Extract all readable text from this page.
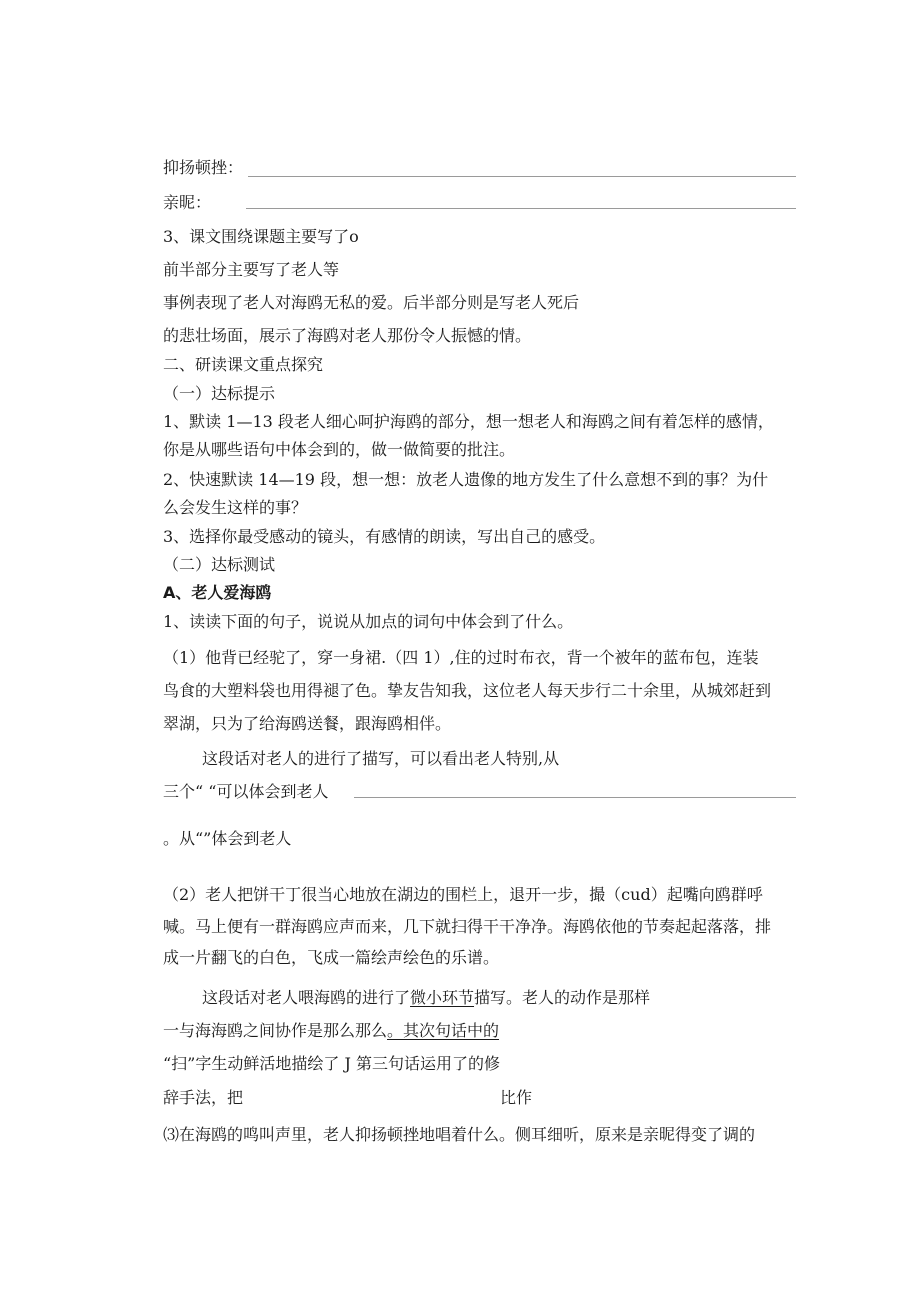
抑扬顿挫：
亲昵：
3、课文围绕课题主要写了o
前半部分主要写了老人等
事例表现了老人对海鸥无私的爱。后半部分则是写老人死后
的悲壮场面，展示了海鸥对老人那份令人振憾的情。
二、研读课文重点探究
（一）达标提示
1、默读 1—13 段老人细心呵护海鸥的部分，想一想老人和海鸥之间有着怎样的感情，
你是从哪些语句中体会到的，做一做简要的批注。
2、快速默读 14—19 段，想一想：放老人遗像的地方发生了什么意想不到的事？为什
么会发生这样的事？
3、选择你最受感动的镜头，有感情的朗读，写出自己的感受。
（二）达标测试
A、老人爱海鸥
1、读读下面的句子，说说从加点的词句中体会到了什么。
（1）他背已经驼了，穿一身裙.（四 1）,住的过时布衣，背一个被年的蓝布包，连装
鸟食的大塑料袋也用得褪了色。挚友告知我，这位老人每天步行二十余里，从城郊赶到
翠湖，只为了给海鸥送餐，跟海鸥相伴。
这段话对老人的进行了描写，可以看出老人特别,从
三个“ “可以体会到老人
。从“”体会到老人
（2）老人把饼干丁很当心地放在湖边的围栏上，退开一步，撮（cud）起嘴向鸥群呼
喊。马上便有一群海鸥应声而来，几下就扫得干干净净。海鸥依他的节奏起起落落，排
成一片翻飞的白色，飞成一篇绘声绘色的乐谱。
这段话对老人喂海鸥的进行了微小环节描写。老人的动作是那样
一与海海鸥之间协作是那么那么。其次句话中的
“扫”字生动鲜活地描绘了 J 第三句话运用了的修
辞手法，把	比作
⑶在海鸥的鸣叫声里，老人抑扬顿挫地唱着什么。侧耳细听，原来是亲昵得变了调的
